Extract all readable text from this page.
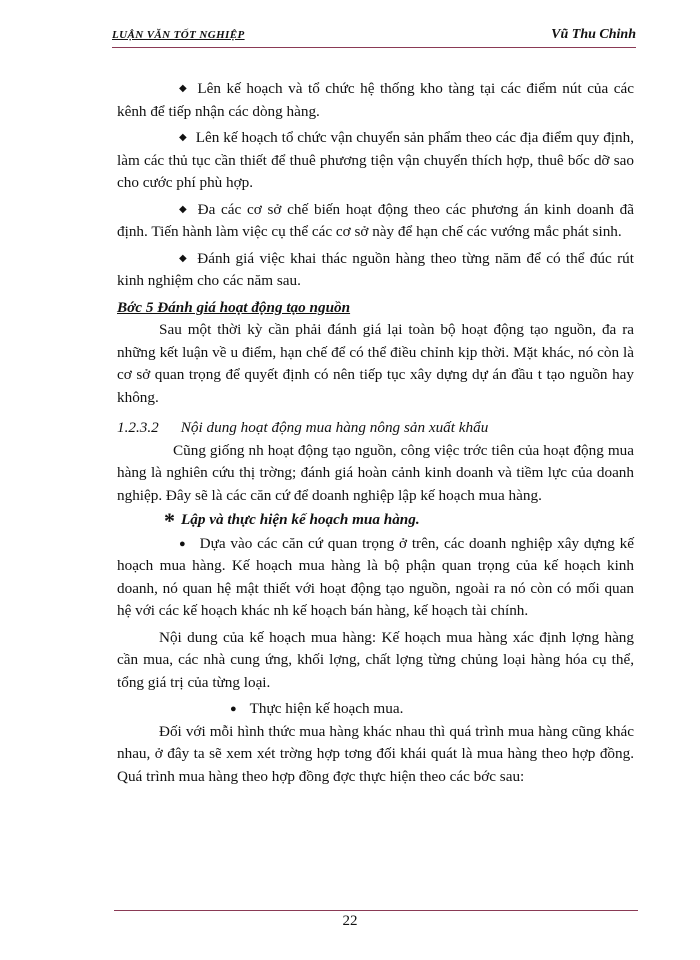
LUẬN VĂN TỐT NGHIỆP	Vũ Thu Chinh

◆ Lên kế hoạch và tổ chức hệ thống kho tàng tại các điểm nút của các kênh để tiếp nhận các dòng hàng.

◆ Lên kế hoạch tổ chức vận chuyển sản phẩm theo các địa điểm quy định, làm các thủ tục cần thiết để thuê phương tiện vận chuyển thích hợp, thuê bốc dỡ sao cho cước phí phù hợp.

◆ Đa các cơ sở chế biến hoạt động theo các phương án kinh doanh đã định. Tiến hành làm việc cụ thể các cơ sở này để hạn chế các vướng mắc phát sinh.

◆ Đánh giá việc khai thác nguồn hàng theo từng năm để có thể đúc rút kinh nghiệm cho các năm sau.

Bớc 5 Đánh giá hoạt động tạo nguồn

Sau một thời kỳ cần phải đánh giá lại toàn bộ hoạt động tạo nguồn, đa ra những kết luận về u điểm, hạn chế để có thể điều chỉnh kịp thời. Mặt khác, nó còn là cơ sở quan trọng để quyết định có nên tiếp tục xây dựng dự án đầu t tạo nguồn hay không.

1.2.3.2 Nội dung hoạt động mua hàng nông sản xuất khẩu

Cũng giống nh hoạt động tạo nguồn, công việc trớc tiên của hoạt động mua hàng là nghiên cứu thị trờng; đánh giá hoàn cảnh kinh doanh và tiềm lực của doanh nghiệp. Đây sẽ là các căn cứ để doanh nghiệp lập kế hoạch mua hàng.

* Lập và thực hiện kế hoạch mua hàng.

● Dựa vào các căn cứ quan trọng ở trên, các doanh nghiệp xây dựng kế hoạch mua hàng. Kế hoạch mua hàng là bộ phận quan trọng của kế hoạch kinh doanh, nó quan hệ mật thiết với hoạt động tạo nguồn, ngoài ra nó còn có mối quan hệ với các kế hoạch khác nh kế hoạch bán hàng, kế hoạch tài chính.

Nội dung của kế hoạch mua hàng: Kế hoạch mua hàng xác định lợng hàng cần mua, các nhà cung ứng, khối lợng, chất lợng từng chủng loại hàng hóa cụ thể, tổng giá trị của từng loại.

● Thực hiện kế hoạch mua.

Đối với mỗi hình thức mua hàng khác nhau thì quá trình mua hàng cũng khác nhau, ở đây ta sẽ xem xét trờng hợp tơng đối khái quát là mua hàng theo hợp đồng. Quá trình mua hàng theo hợp đồng đợc thực hiện theo các bớc sau:

22
